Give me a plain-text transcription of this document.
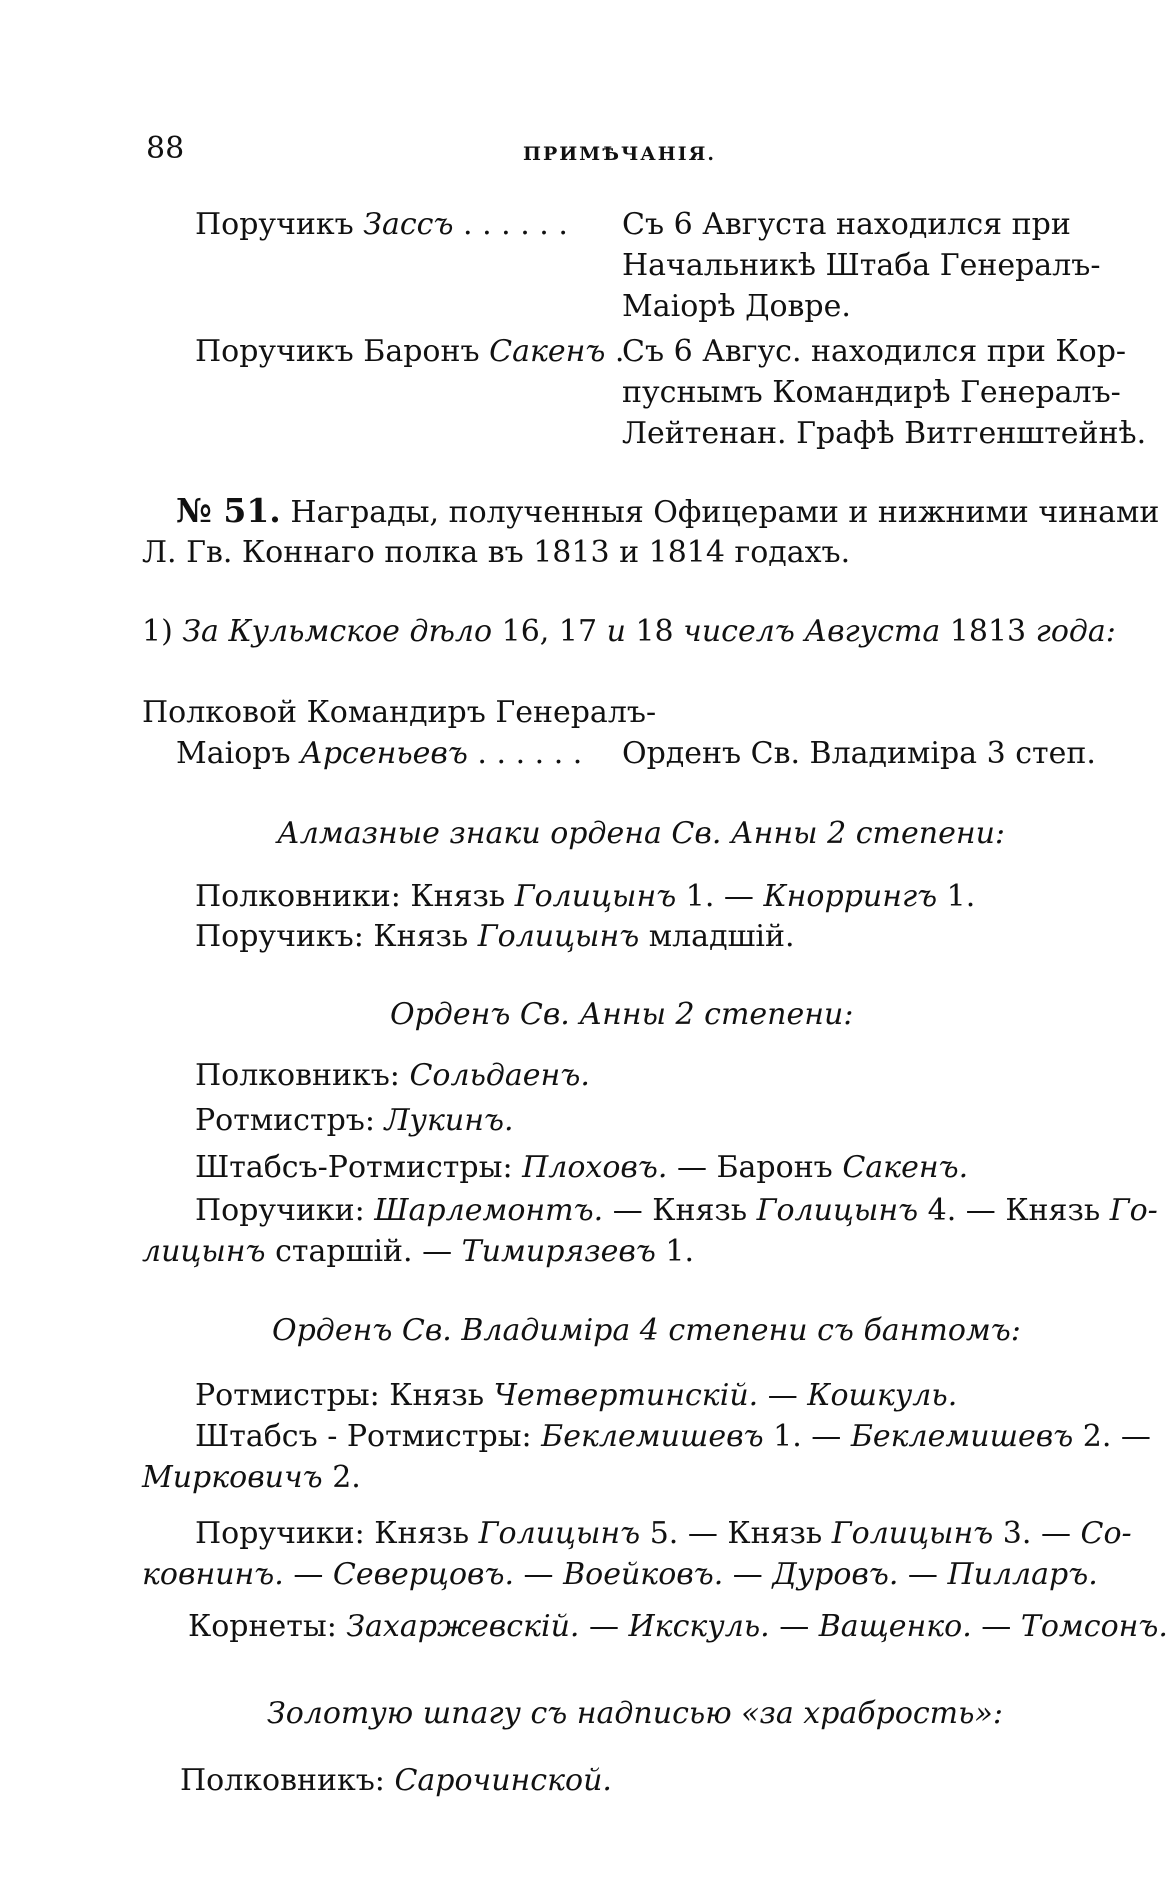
88	ПРИМѢЧАНІЯ.
Поручикъ Зассъ . . . . . . Съ 6 Августа находился при
Начальникѣ Штаба Генералъ-
Маіорѣ Довре.
Поручикъ Баронъ Сакенъ .
Съ 6 Авгус. находился при Кор-
пуснымъ Командирѣ Генералъ-
Лейтенан. Графѣ Витгенштейнѣ.
№ 51. Награды, полученныя Офицерами и нижними чинами
Л. Гв. Коннаго полка въ 1813 и 1814 годахъ.
1) За Кульмское дѣло 16, 17 и 18 чиселъ Августа 1813 года:
Полковой Командиръ Генералъ-
Маіоръ Арсеньевъ . . . . . . Орденъ Св. Владиміра 3 степ.
Алмазные знаки ордена Св. Анны 2 степени:
Полковники: Князь Голицынъ 1. — Кноррингъ 1.
Поручикъ: Князь Голицынъ младшій.
Орденъ Св. Анны 2 степени:
Полковникъ: Сольдаенъ.
Ротмистръ: Лукинъ.
Штабсъ-Ротмистры: Плоховъ. — Баронъ Сакенъ.
Поручики: Шарлемонтъ. — Князь Голицынъ 4. — Князь Го-
лицынъ старшій. — Тимирязевъ 1.
Орденъ Св. Владиміра 4 степени съ бантомъ:
Ротмистры: Князь Четвертинскій. — Кошкуль.
Штабсъ - Ротмистры: Беклемишевъ 1. — Беклемишевъ 2. —
Мирковичъ 2.
Поручики: Князь Голицынъ 5. — Князь Голицынъ 3. — Со-
ковнинъ. — Северцовъ. — Воейковъ. — Дуровъ. — Пилларъ.
Корнеты: Захаржевскій. — Икскуль. — Ващенко. — Томсонъ.
Золотую шпагу съ надписью «за храбрость»:
Полковникъ: Сарочинской.
